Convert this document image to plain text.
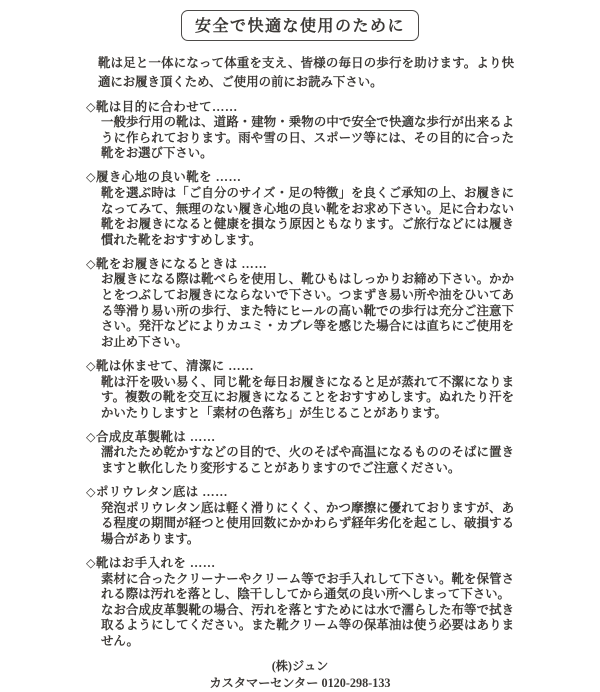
安全で快適な使用のために

靴は足と一体になって体重を支え、皆様の毎日の歩行を助けます。より快適にお履き頂くため、ご使用の前にお読み下さい。

◇靴は目的に合わせて……

一般歩行用の靴は、道路・建物・乗物の中で安全で快適な歩行が出来るように作られております。雨や雪の日、スポーツ等には、その目的に合った靴をお選び下さい。

◇履き心地の良い靴を ……

靴を選ぶ時は「ご自分のサイズ・足の特徴」を良くご承知の上、お履きになってみて、無理のない履き心地の良い靴をお求め下さい。足に合わない靴をお履きになると健康を損なう原因ともなります。ご旅行などには履き慣れた靴をおすすめします。

◇靴をお履きになるときは ……

お履きになる際は靴べらを使用し、靴ひもはしっかりお締め下さい。かかとをつぶしてお履きにならないで下さい。つまずき易い所や油をひいてある等滑り易い所の歩行、また特にヒールの高い靴での歩行は充分ご注意下さい。発汗などによりカユミ・カブレ等を感じた場合には直ちにご使用をお止め下さい。

◇靴は休ませて、清潔に ……

靴は汗を吸い易く、同じ靴を毎日お履きになると足が蒸れて不潔になります。複数の靴を交互にお履きになることをおすすめします。ぬれたり汗をかいたりしますと「素材の色落ち」が生じることがあります。

◇合成皮革製靴は ……

濡れたため乾かすなどの目的で、火のそばや高温になるもののそばに置きますと軟化したり変形することがありますのでご注意ください。

◇ポリウレタン底は ……

発泡ポリウレタン底は軽く滑りにくく、かつ摩擦に優れておりますが、ある程度の期間が経つと使用回数にかかわらず経年劣化を起こし、破損する場合があります。

◇靴はお手入れを ……

素材に合ったクリーナーやクリーム等でお手入れして下さい。靴を保管される際は汚れを落とし、陰干ししてから通気の良い所へしまって下さい。

なお合成皮革製靴の場合、汚れを落とすためには水で濡らした布等で拭き取るようにしてください。また靴クリーム等の保革油は使う必要はありません。

(株)ジュン
カスタマーセンター 0120-298-133
